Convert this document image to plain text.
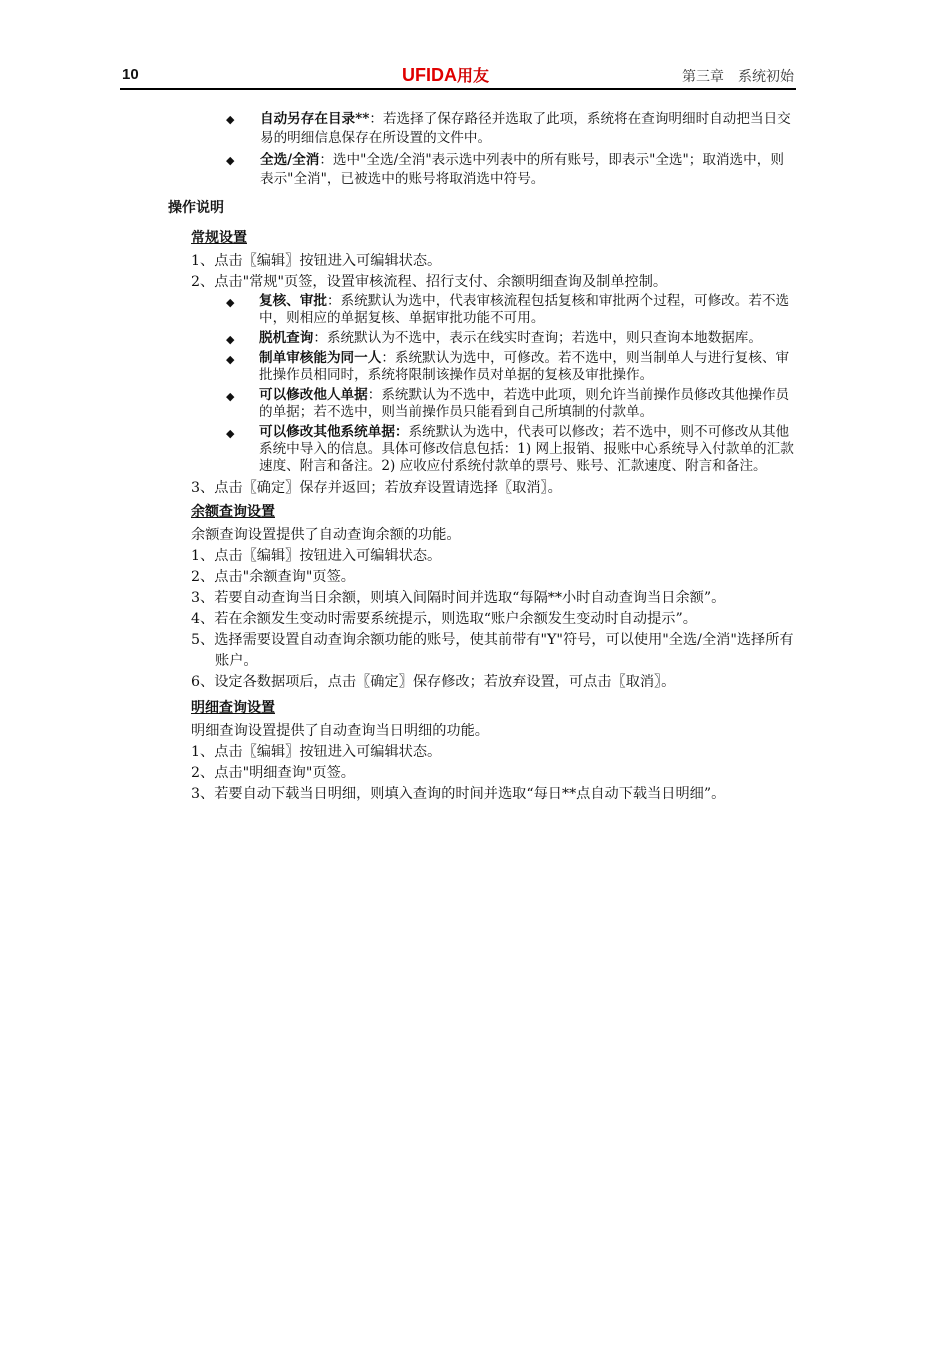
10	UFIDA用友	第三章　系统初始
◆ 自动另存在目录**：若选择了保存路径并选取了此项，系统将在查询明细时自动把当日交易的明细信息保存在所设置的文件中。
◆ 全选/全消：选中"全选/全消"表示选中列表中的所有账号，即表示"全选"；取消选中，则表示"全消"，已被选中的账号将取消选中符号。
操作说明
常规设置
1、点击〖编辑〗按钮进入可编辑状态。
2、点击"常规"页签，设置审核流程、招行支付、余额明细查询及制单控制。
◆ 复核、审批：系统默认为选中，代表审核流程包括复核和审批两个过程，可修改。若不选中，则相应的单据复核、单据审批功能不可用。
◆ 脱机查询：系统默认为不选中，表示在线实时查询；若选中，则只查询本地数据库。
◆ 制单审核能为同一人：系统默认为选中，可修改。若不选中，则当制单人与进行复核、审批操作员相同时，系统将限制该操作员对单据的复核及审批操作。
◆ 可以修改他人单据：系统默认为不选中，若选中此项，则允许当前操作员修改其他操作员的单据；若不选中，则当前操作员只能看到自己所填制的付款单。
◆ 可以修改其他系统单据：系统默认为选中，代表可以修改；若不选中，则不可修改从其他系统中导入的信息。具体可修改信息包括：1) 网上报销、报账中心系统导入付款单的汇款速度、附言和备注。2) 应收应付系统付款单的票号、账号、汇款速度、附言和备注。
3、点击〖确定〗保存并返回；若放弃设置请选择〖取消〗。
余额查询设置
余额查询设置提供了自动查询余额的功能。
1、点击〖编辑〗按钮进入可编辑状态。
2、点击"余额查询"页签。
3、若要自动查询当日余额，则填入间隔时间并选取“每隔**小时自动查询当日余额”。
4、若在余额发生变动时需要系统提示，则选取“账户余额发生变动时自动提示”。
5、选择需要设置自动查询余额功能的账号，使其前带有"Y"符号，可以使用"全选/全消"选择所有账户。
6、设定各数据项后，点击〖确定〗保存修改；若放弃设置，可点击〖取消〗。
明细查询设置
明细查询设置提供了自动查询当日明细的功能。
1、点击〖编辑〗按钮进入可编辑状态。
2、点击"明细查询"页签。
3、若要自动下载当日明细，则填入查询的时间并选取“每日**点自动下载当日明细”。
